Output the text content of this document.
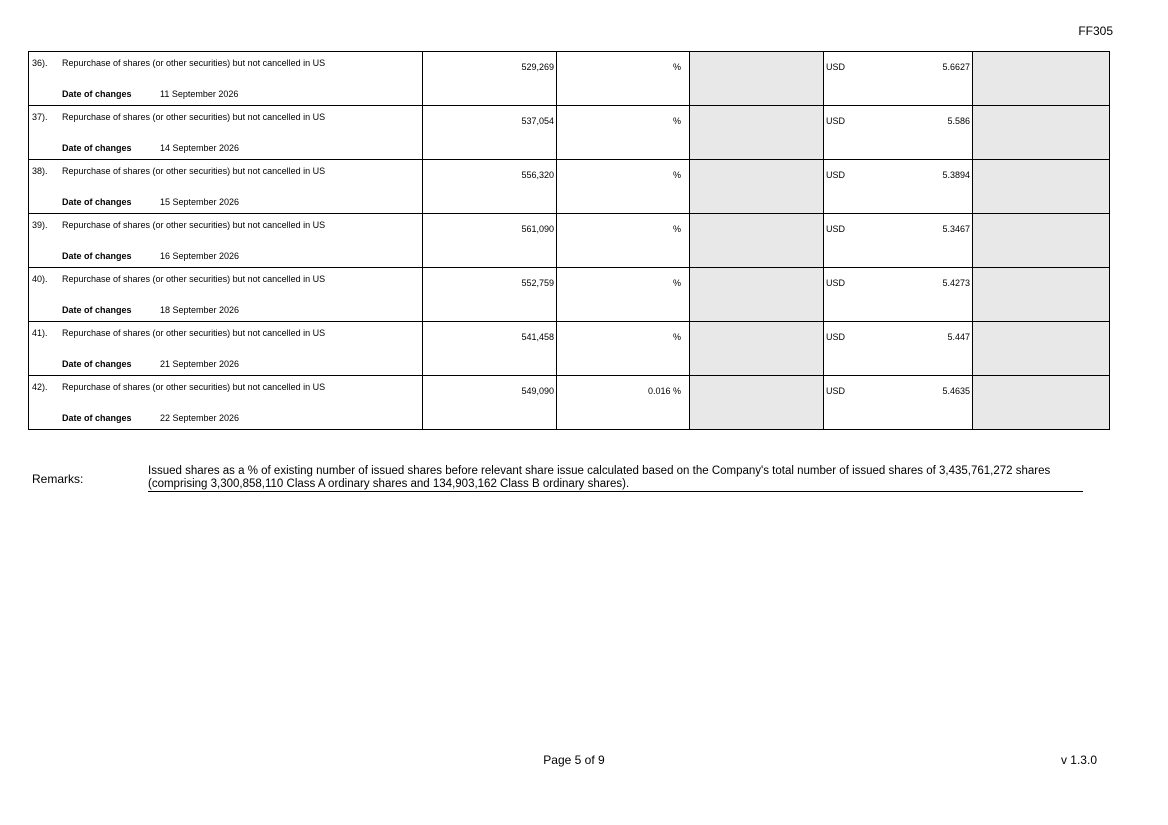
FF305
36). Repurchase of shares (or other securities) but not cancelled in US
Date of changes 11 September 2026	529,269	%		USD 5.6627	

37). Repurchase of shares (or other securities) but not cancelled in US
Date of changes 14 September 2026	537,054	%		USD 5.586	

38). Repurchase of shares (or other securities) but not cancelled in US
Date of changes 15 September 2026	556,320	%		USD 5.3894	

39). Repurchase of shares (or other securities) but not cancelled in US
Date of changes 16 September 2026	561,090	%		USD 5.3467	

40). Repurchase of shares (or other securities) but not cancelled in US
Date of changes 18 September 2026	552,759	%		USD 5.4273	

41). Repurchase of shares (or other securities) but not cancelled in US
Date of changes 21 September 2026	541,458	%		USD 5.447	

42). Repurchase of shares (or other securities) but not cancelled in US
Date of changes 22 September 2026	549,090	0.016 %		USD 5.4635	

Remarks:
Issued shares as a % of existing number of issued shares before relevant share issue calculated based on the Company's total number of issued shares of 3,435,761,272 shares (comprising 3,300,858,110 Class A ordinary shares and 134,903,162 Class B ordinary shares).
Page 5 of 9	v 1.3.0
